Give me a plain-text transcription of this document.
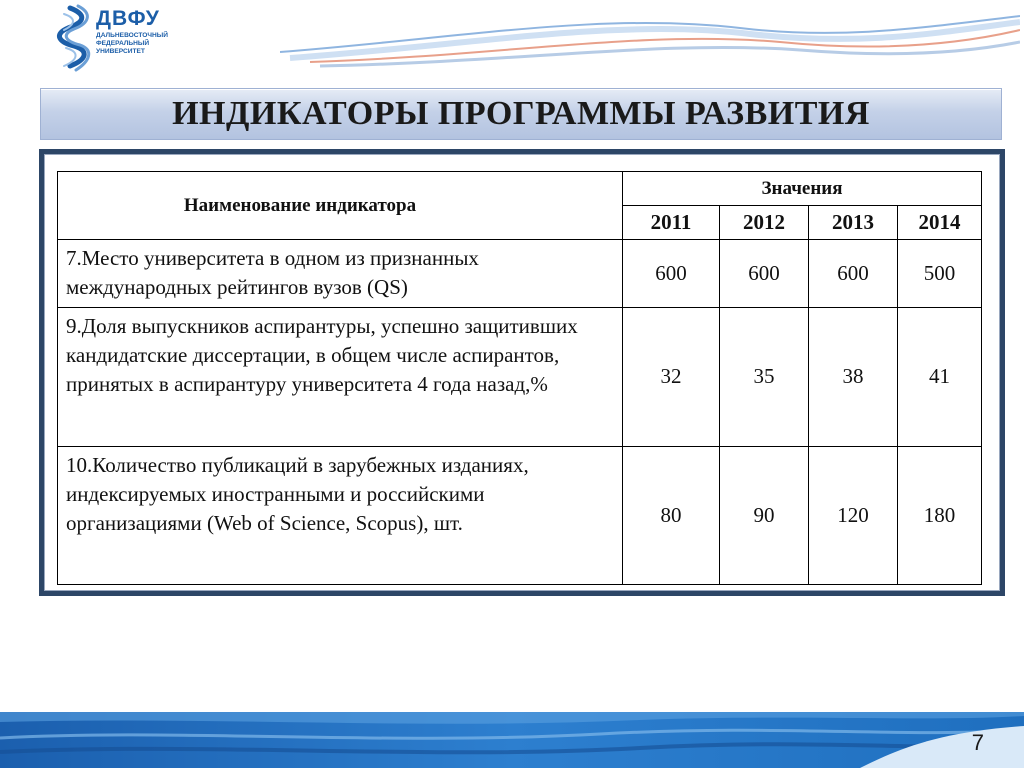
ДВФУ
ДАЛЬНЕВОСТОЧНЫЙ
ФЕДЕРАЛЬНЫЙ
УНИВЕРСИТЕТ
ИНДИКАТОРЫ ПРОГРАММЫ РАЗВИТИЯ
Наименование индикатора	Значения			
	2011	2012	2013	2014
7.Место университета в одном из признанных международных рейтингов вузов (QS)	600	600	600	500
9.Доля выпускников аспирантуры, успешно защитивших кандидатские диссертации, в общем числе аспирантов, принятых в аспирантуру университета 4 года назад,%	32	35	38	41
10.Количество публикаций в зарубежных изданиях, индексируемых иностранными и российскими организациями (Web of Science, Scopus), шт.	80	90	120	180
7
